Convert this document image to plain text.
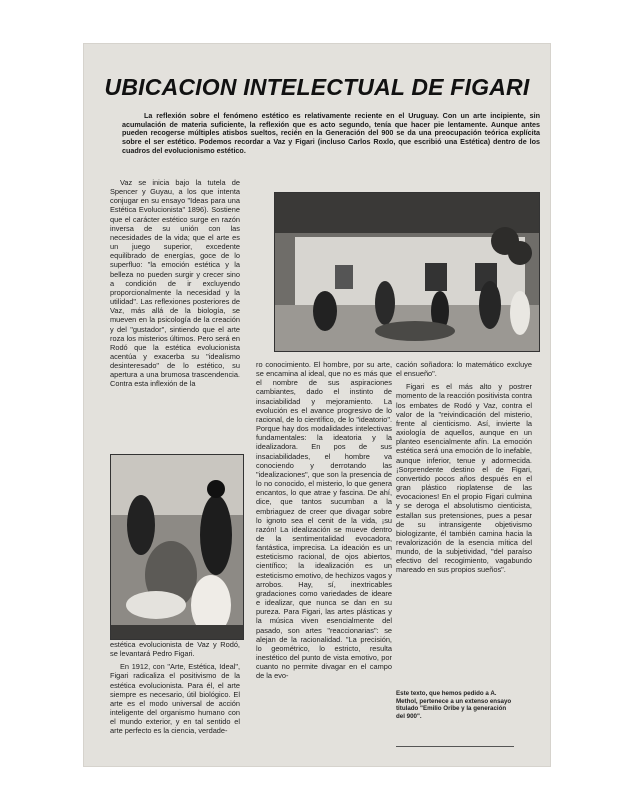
UBICACION INTELECTUAL DE FIGARI
La reflexión sobre el fenómeno estético es relativamente reciente en el Uruguay. Con un arte incipiente, sin acumulación de materia suficiente, la reflexión que es acto segundo, tenía que hacer pie lentamente. Aunque antes pueden recogerse múltiples atisbos sueltos, recién en la Generación del 900 se da una preocupación teórica explícita sobre el ser estético. Podemos recordar a Vaz y Figari (incluso Carlos Roxlo, que escribió una Estética) dentro de los cuadros del evolucionismo estético.

Vaz se inicia bajo la tutela de Spencer y Guyau, a los que intenta conjugar en su ensayo "Ideas para una Estética Evolucionista" 1896). Sostiene que el carácter estético surge en razón inversa de su unión con las necesidades de la vida; que el arte es un juego superior, excedente equilibrado de energías, goce de lo superfluo: "la emoción estética y la belleza no pueden surgir y crecer sino a condición de ir excluyendo proporcionalmente la necesidad y la utilidad". Las reflexiones posteriores de Vaz, más allá de la biología, se mueven en la psicología de la creación y del "gustador", sintiendo que el arte roza los misterios últimos. Pero será en Rodó que la estética evolucionista acentúa y exacerba su "idealismo desinteresado" de lo estético, su apertura a una brumosa trascendencia. Contra esta inflexión de la

estética evolucionista de Vaz y Rodó, se levantará Pedro Figari.

En 1912, con "Arte, Estética, Ideal", Figari radicaliza el positivismo de la estética evolucionista. Para él, el arte siempre es necesario, útil biológico. El arte es el modo universal de acción inteligente del organismo humano con el mundo exterior, y en tal sentido el arte perfecto es la ciencia, verdade-

ro conocimiento. El hombre, por su arte, se encamina al ideal, que no es más que el nombre de sus aspiraciones cambiantes, dado el instinto de insaciabilidad y mejoramiento. La evolución es el avance progresivo de lo racional, de lo científico, de lo "ideatorio". Porque hay dos modalidades intelectivas fundamentales: la ideatoria y la idealizadora. En pos de sus insaciabilidades, el hombre va conociendo y derrotando las "idealizaciones", que son la presencia de lo no conocido, el misterio, lo que genera encantos, lo que atrae y fascina. De ahí, dice, que tantos sucumban a la embriaguez de creer que divagar sobre lo ignoto sea el cenit de la vida, ¡su razón! La idealización se mueve dentro de la sentimentalidad evocadora, fantástica, imprecisa. La ideación es un esteticismo racional, de ojos abiertos, científico; la idealización es un esteticismo emotivo, de hechizos vagos y arrobos. Hay, sí, inextricables gradaciones como variedades de ideare e idealizar, que nunca se dan en su pureza. Para Figari, las artes plásticas y la música viven esencialmente del pasado, son artes "reaccionarias": se alejan de la racionalidad. "La precisión, lo geométrico, lo estricto, resulta inestético del punto de vista emotivo, por cuanto no permite divagar en el campo de la evo-

cación soñadora: lo matemático excluye el ensueño".

Figari es el más alto y postrer momento de la reacción positivista contra los embates de Rodó y Vaz, contra el valor de la "reivindicación del misterio, frente al cienticismo. Así, invierte la axiología de aquellos, aunque en un planteo esencialmente afín. La emoción estética será una emoción de lo inefable, aunque inferior, tenue y adormecida. ¡Sorprendente destino el de Figari, convertido pocos años después en el gran plástico rioplatense de las evocaciones! En el propio Figari culmina y se deroga el absolutismo cienticista, estallan sus pretensiones, pues a pesar de su intransigente objetivismo biologizante, él también camina hacia la revalorización de la esencia mítica del mundo, de la subjetividad, "del paraíso efectivo del recogimiento, vagabundo mareado en sus propios sueños".

Este texto, que hemos pedido a A. Methol, pertenece a un extenso ensayo titulado "Emilio Oribe y la generación del 900".
